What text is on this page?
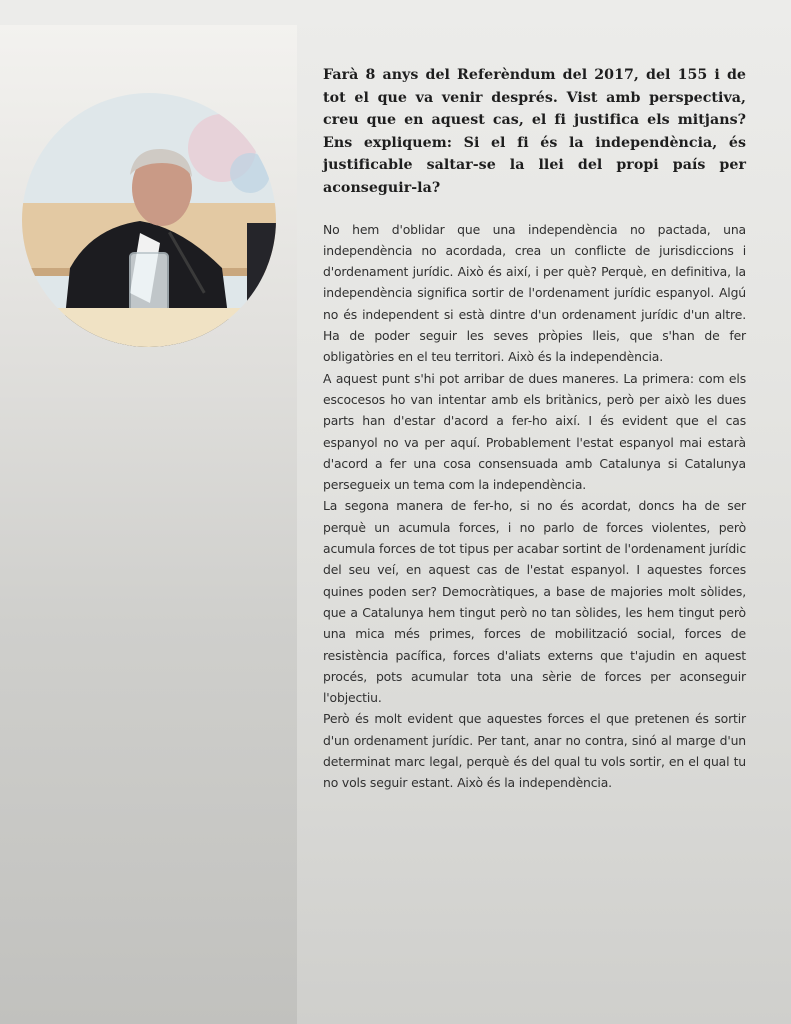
Farà 8 anys del Referèndum del 2017, del 155 i de tot el que va venir després. Vist amb perspectiva, creu que en aquest cas, el fi justifica els mitjans? Ens expliquem: Si el fi és la independència, és justificable saltar-se la llei del propi país per aconseguir-la?

No hem d'oblidar que una independència no pactada, una independència no acordada, crea un conflicte de jurisdiccions i d'ordenament jurídic. Això és així, i per què? Perquè, en definitiva, la independència significa sortir de l'ordenament jurídic espanyol. Algú no és independent si està dintre d'un ordenament jurídic d'un altre. Ha de poder seguir les seves pròpies lleis, que s'han de fer obligatòries en el teu territori. Això és la independència.

A aquest punt s'hi pot arribar de dues maneres. La primera: com els escocesos ho van intentar amb els britànics, però per això les dues parts han d'estar d'acord a fer-ho així. I és evident que el cas espanyol no va per aquí. Probablement l'estat espanyol mai estarà d'acord a fer una cosa consensuada amb Catalunya si Catalunya persegueix un tema com la independència.

La segona manera de fer-ho, si no és acordat, doncs ha de ser perquè un acumula forces, i no parlo de forces violentes, però acumula forces de tot tipus per acabar sortint de l'ordenament jurídic del seu veí, en aquest cas de l'estat espanyol. I aquestes forces quines poden ser? Democràtiques, a base de majories molt sòlides, que a Catalunya hem tingut però no tan sòlides, les hem tingut però una mica més primes, forces de mobilització social, forces de resistència pacífica, forces d'aliats externs que t'ajudin en aquest procés, pots acumular tota una sèrie de forces per aconseguir l'objectiu.

Però és molt evident que aquestes forces el que pretenen és sortir d'un ordenament jurídic. Per tant, anar no contra, sinó al marge d'un determinat marc legal, perquè és del qual tu vols sortir, en el qual tu no vols seguir estant. Això és la independència.
